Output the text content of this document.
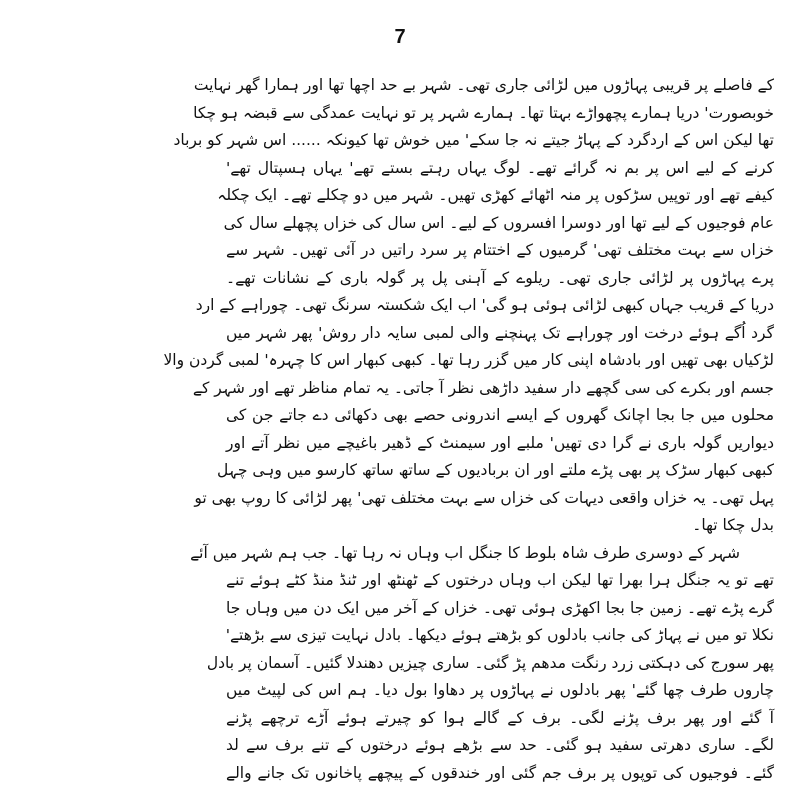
7
کے فاصلے پر قریبی پہاڑوں میں لڑائی جاری تھی۔ شہر بے حد اچھا تھا اور ہمارا گھر نہایت
خوبصورت' دریا ہمارے پچھواڑے بہتا تھا۔ ہمارے شہر پر تو نہایت عمدگی سے قبضہ ہو چکا
تھا لیکن اس کے اردگرد کے پہاڑ جیتے نہ جا سکے' میں خوش تھا کیونکہ ...... اس شہر کو برباد
کرنے کے لیے اس پر بم نہ گرائے تھے۔ لوگ یہاں رہتے بستے تھے' یہاں ہسپتال تھے'
کیفے تھے اور توپیں سڑکوں پر منہ اٹھائے کھڑی تھیں۔ شہر میں دو چکلے تھے۔ ایک چکلہ
عام فوجیوں کے لیے تھا اور دوسرا افسروں کے لیے۔ اس سال کی خزاں پچھلے سال کی
خزاں سے بہت مختلف تھی' گرمیوں کے اختتام پر سرد راتیں در آئی تھیں۔ شہر سے
پرے پہاڑوں پر لڑائی جاری تھی۔ ریلوے کے آہنی پل پر گولہ باری کے نشانات تھے۔
دریا کے قریب جہاں کبھی لڑائی ہوئی ہو گی' اب ایک شکستہ سرنگ تھی۔ چوراہے کے ارد
گرد اُگے ہوئے درخت اور چوراہے تک پہنچنے والی لمبی سایہ دار روش' پھر شہر میں
لڑکیاں بھی تھیں اور بادشاہ اپنی کار میں گزر رہا تھا۔ کبھی کبھار اس کا چہرہ' لمبی گردن والا
جسم اور بکرے کی سی گچھے دار سفید داڑھی نظر آ جاتی۔ یہ تمام مناظر تھے اور شہر کے
محلوں میں جا بجا اچانک گھروں کے ایسے اندرونی حصے بھی دکھائی دے جاتے جن کی
دیواریں گولہ باری نے گرا دی تھیں' ملبے اور سیمنٹ کے ڈھیر باغیچے میں نظر آتے اور
کبھی کبھار سڑک پر بھی پڑے ملتے اور ان بربادیوں کے ساتھ ساتھ کارسو میں وہی چہل
پہل تھی۔ یہ خزاں واقعی دیہات کی خزاں سے بہت مختلف تھی' پھر لڑائی کا روپ بھی تو
بدل چکا تھا۔
شہر کے دوسری طرف شاہ بلوط کا جنگل اب وہاں نہ رہا تھا۔ جب ہم شہر میں آئے
تھے تو یہ جنگل ہرا بھرا تھا لیکن اب وہاں درختوں کے ٹھنٹھ اور ٹنڈ منڈ کٹے ہوئے تنے
گرے پڑے تھے۔ زمین جا بجا اکھڑی ہوئی تھی۔ خزاں کے آخر میں ایک دن میں وہاں جا
نکلا تو میں نے پہاڑ کی جانب بادلوں کو بڑھتے ہوئے دیکھا۔ بادل نہایت تیزی سے بڑھتے'
پھر سورج کی دہکتی زرد رنگت مدھم پڑ گئی۔ ساری چیزیں دھندلا گئیں۔ آسمان پر بادل
چاروں طرف چھا گئے' پھر بادلوں نے پہاڑوں پر دھاوا بول دیا۔ ہم اس کی لپیٹ میں
آ گئے اور پھر برف پڑنے لگی۔ برف کے گالے ہوا کو چیرتے ہوئے آڑے ترچھے پڑنے
لگے۔ ساری دھرتی سفید ہو گئی۔ حد سے بڑھے ہوئے درختوں کے تنے برف سے لد
گئے۔ فوجیوں کی توپوں پر برف جم گئی اور خندقوں کے پیچھے پاخانوں تک جانے والے
